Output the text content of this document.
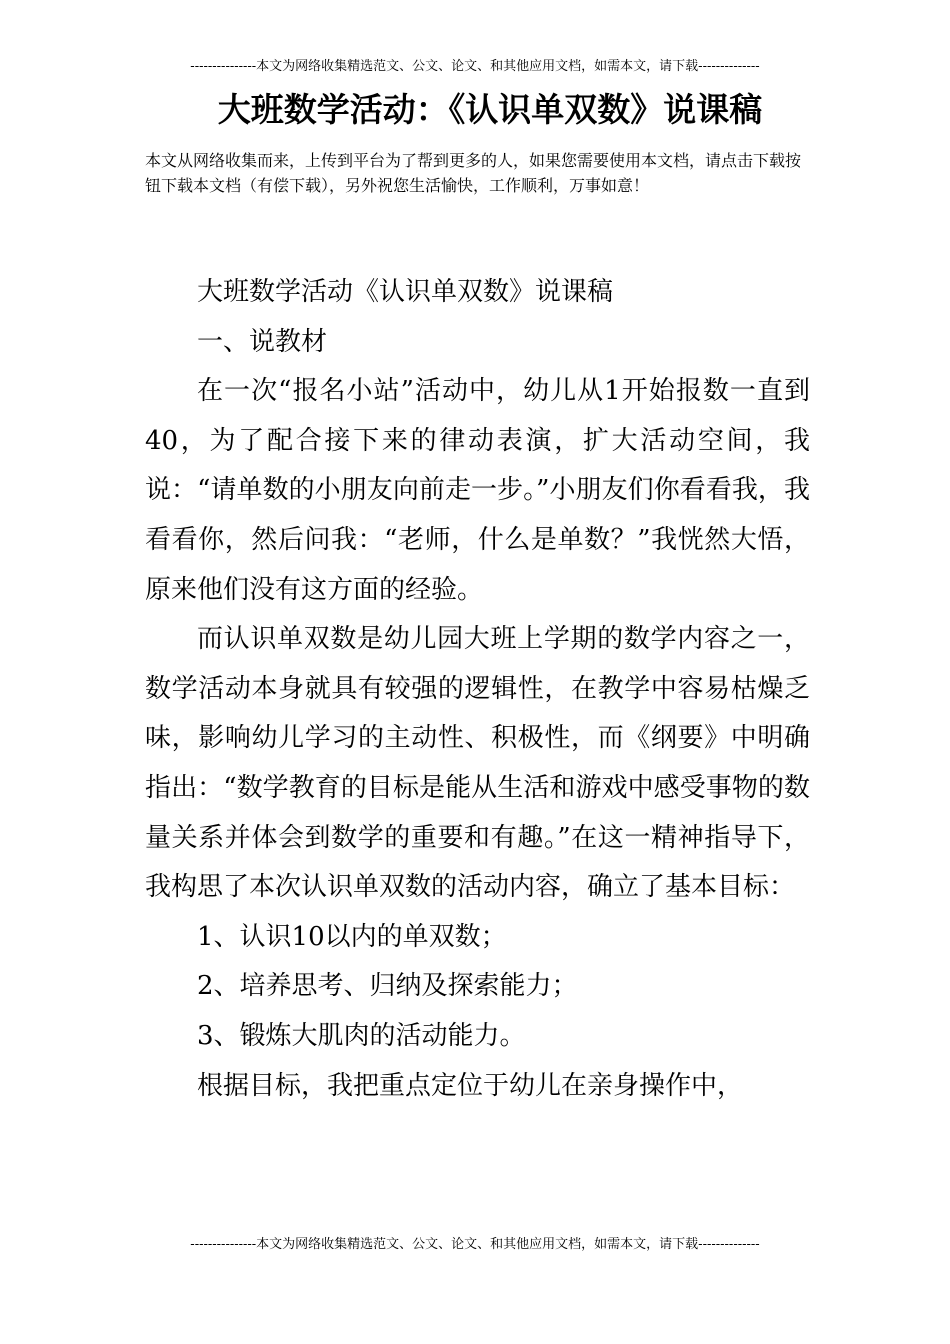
---------------本文为网络收集精选范文、公文、论文、和其他应用文档，如需本文，请下载--------------
大班数学活动：《认识单双数》说课稿

本文从网络收集而来，上传到平台为了帮到更多的人，如果您需要使用本文档，请点击下载按钮下载本文档（有偿下载），另外祝您生活愉快，工作顺利，万事如意！

大班数学活动《认识单双数》说课稿

一、说教材

在一次“报名小站”活动中，幼儿从1开始报数一直到40，为了配合接下来的律动表演，扩大活动空间，我说：“请单数的小朋友向前走一步。”小朋友们你看看我，我看看你，然后问我：“老师，什么是单数？”我恍然大悟，原来他们没有这方面的经验。

而认识单双数是幼儿园大班上学期的数学内容之一，数学活动本身就具有较强的逻辑性，在教学中容易枯燥乏味，影响幼儿学习的主动性、积极性，而《纲要》中明确指出：“数学教育的目标是能从生活和游戏中感受事物的数量关系并体会到数学的重要和有趣。”在这一精神指导下，我构思了本次认识单双数的活动内容，确立了基本目标：

1、认识10以内的单双数；

2、培养思考、归纳及探索能力；

3、锻炼大肌肉的活动能力。

根据目标，我把重点定位于幼儿在亲身操作中，

---------------本文为网络收集精选范文、公文、论文、和其他应用文档，如需本文，请下载--------------
